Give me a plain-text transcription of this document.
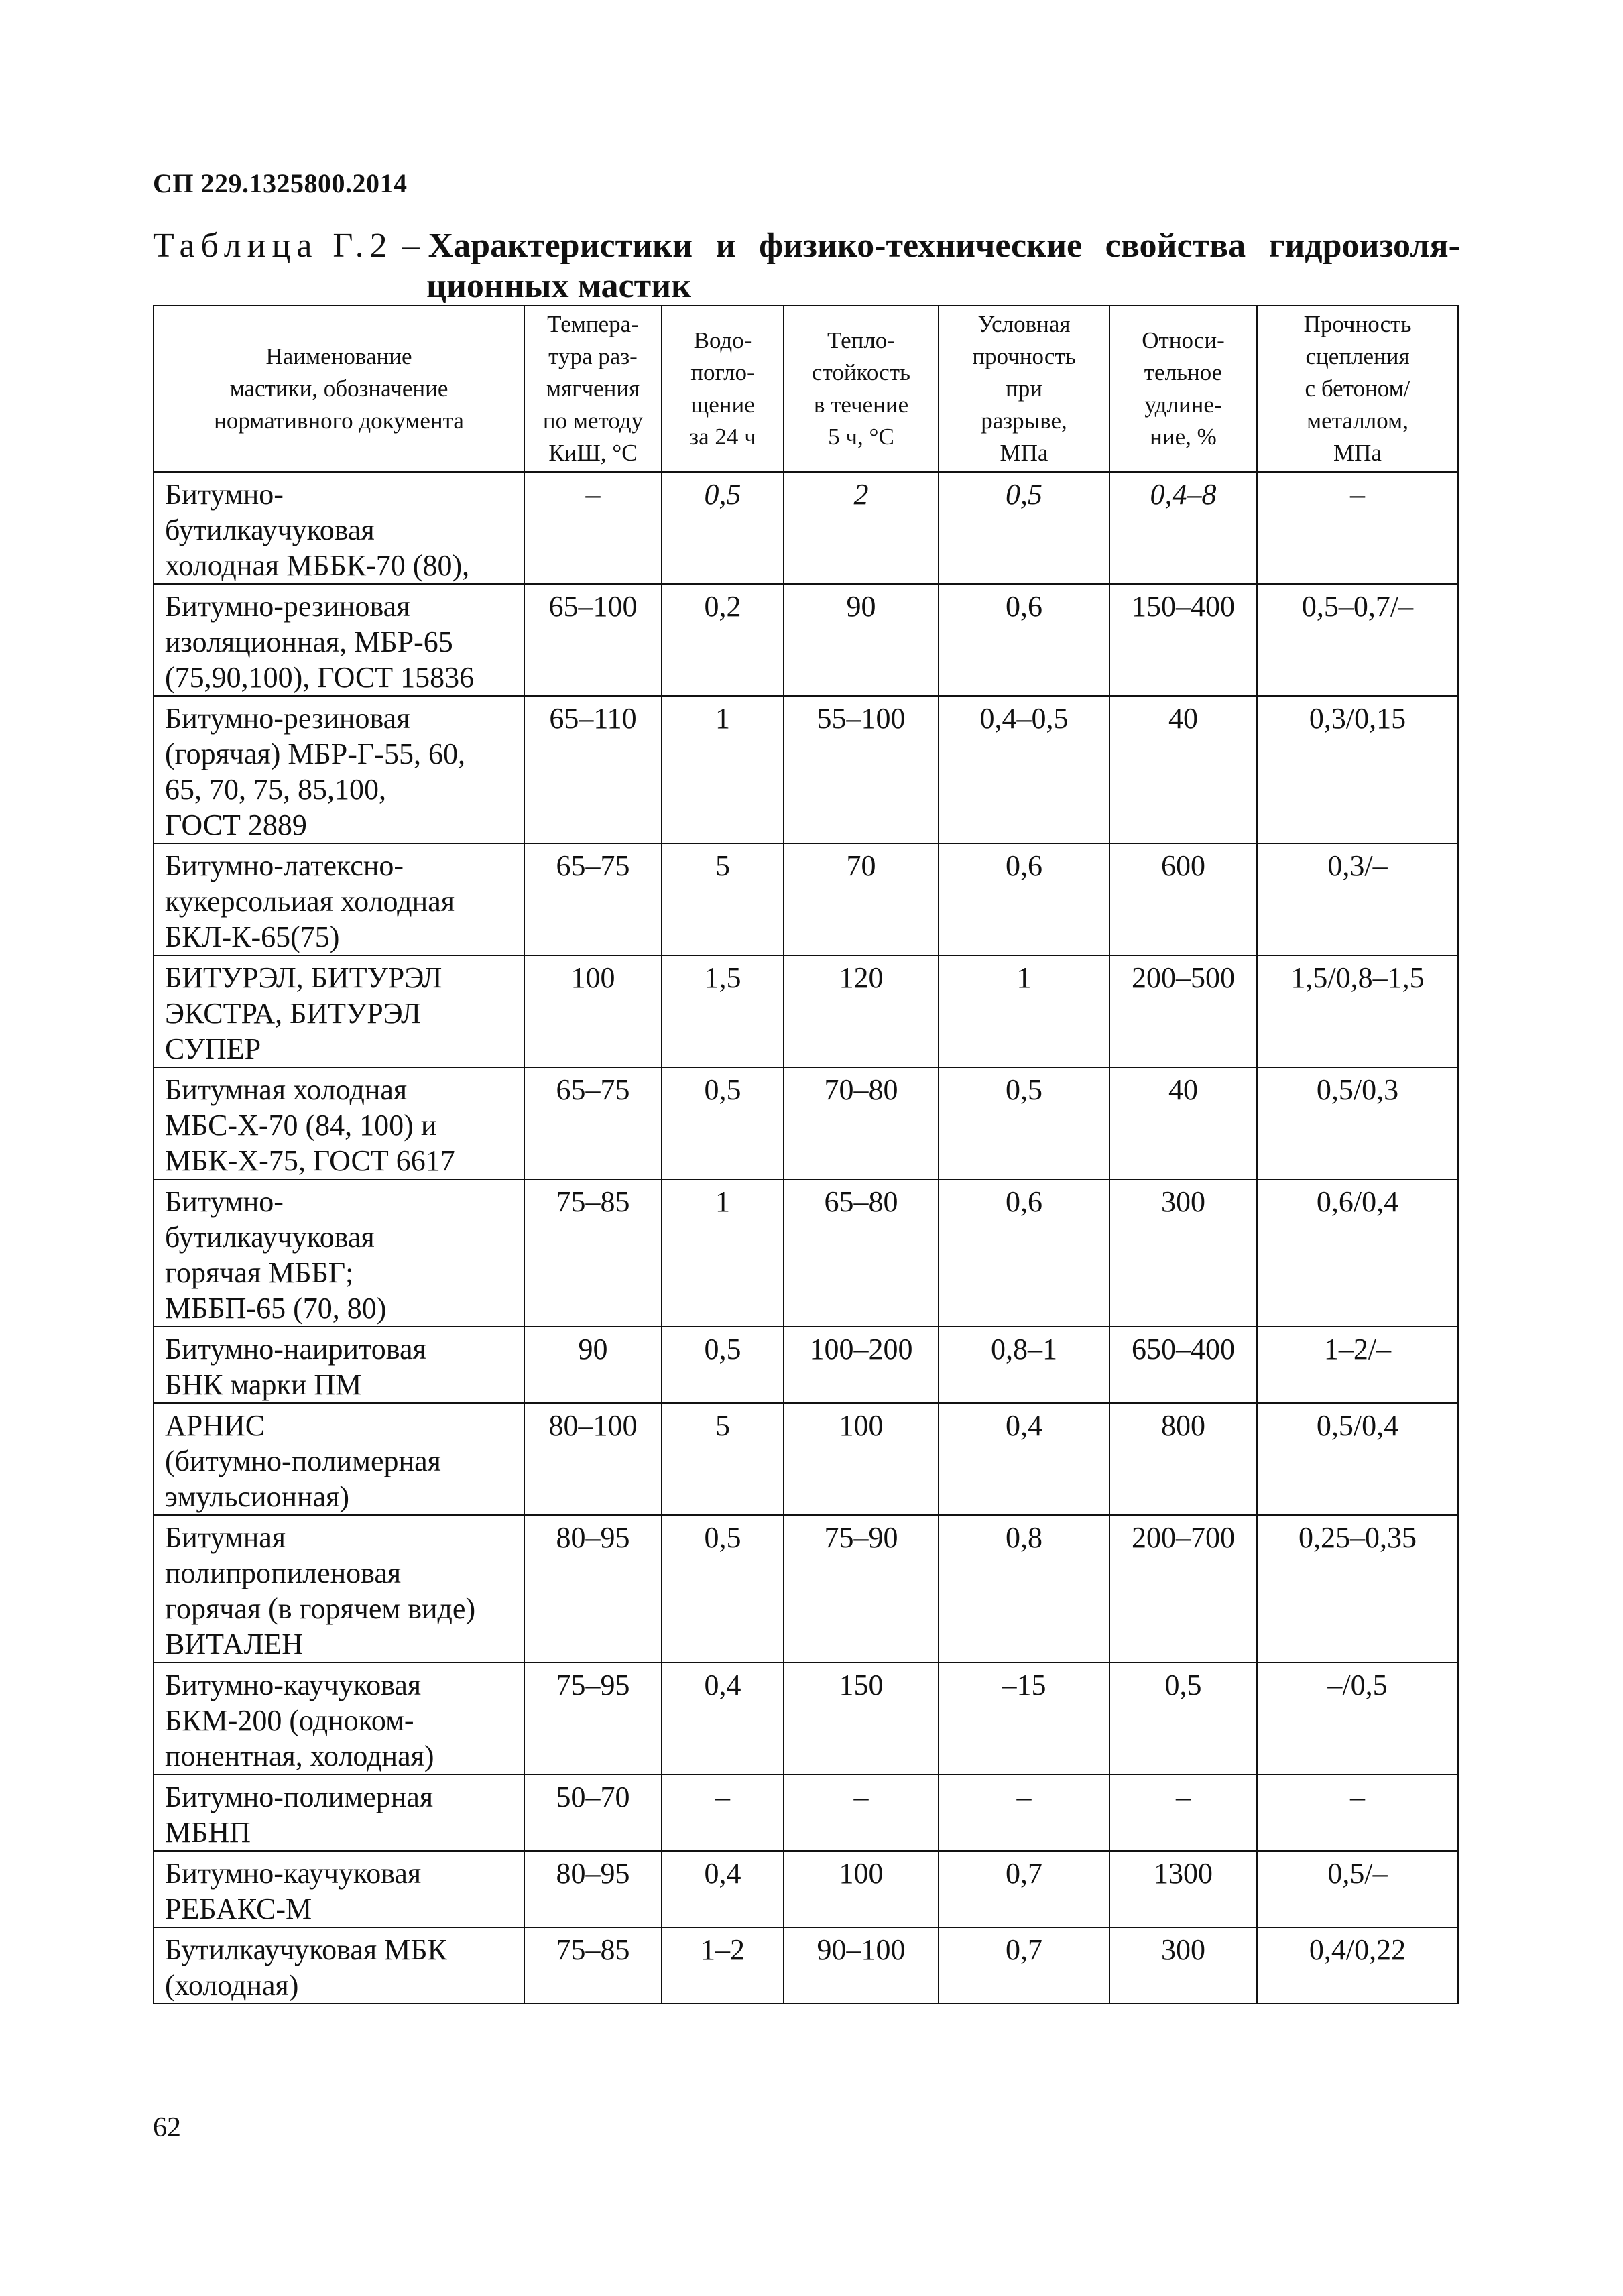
СП 229.1325800.2014
Таблица Г.2 – Характеристики и физико-технические свойства гидроизоля-
ционных мастик
Наименование
мастики, обозначение
нормативного документа	Темпера-
тура раз-
мягчения
по методу
КиШ, °С	Водо-
погло-
щение
за 24 ч	Тепло-
стойкость
в течение
5 ч, °С	Условная
прочность
при
разрыве,
МПа	Относи-
тельное
удлине-
ние, %	Прочность
сцепления
с бетоном/
металлом,
МПа
Битумно-
бутилкаучуковая
холодная МББК-70 (80),	–	0,5	2	0,5	0,4–8	–
Битумно-резиновая
изоляционная, МБР-65
(75,90,100), ГОСТ 15836	65–100	0,2	90	0,6	150–400	0,5–0,7/–
Битумно-резиновая
(горячая) МБР-Г-55, 60,
65, 70, 75, 85,100,
ГОСТ 2889	65–110	1	55–100	0,4–0,5	40	0,3/0,15
Битумно-латексно-
кукерсольиая холодная
БКЛ-К-65(75)	65–75	5	70	0,6	600	0,3/–
БИТУРЭЛ, БИТУРЭЛ
ЭКСТРА, БИТУРЭЛ
СУПЕР	100	1,5	120	1	200–500	1,5/0,8–1,5
Битумная холодная
МБС-Х-70 (84, 100) и
МБК-Х-75, ГОСТ 6617	65–75	0,5	70–80	0,5	40	0,5/0,3
Битумно-
бутилкаучуковая
горячая МББГ;
МББП-65 (70, 80)	75–85	1	65–80	0,6	300	0,6/0,4
Битумно-наиритовая
БНК марки ПМ	90	0,5	100–200	0,8–1	650–400	1–2/–
АРНИС
(битумно-полимерная
эмульсионная)	80–100	5	100	0,4	800	0,5/0,4
Битумная
полипропиленовая
горячая (в горячем виде)
ВИТАЛЕН	80–95	0,5	75–90	0,8	200–700	0,25–0,35
Битумно-каучуковая
БКМ-200 (одноком-
понентная, холодная)	75–95	0,4	150	–15	0,5	–/0,5
Битумно-полимерная
МБНП	50–70	–	–	–	–	–
Битумно-каучуковая
РЕБАКС-М	80–95	0,4	100	0,7	1300	0,5/–
Бутилкаучуковая МБК
(холодная)	75–85	1–2	90–100	0,7	300	0,4/0,22
62
